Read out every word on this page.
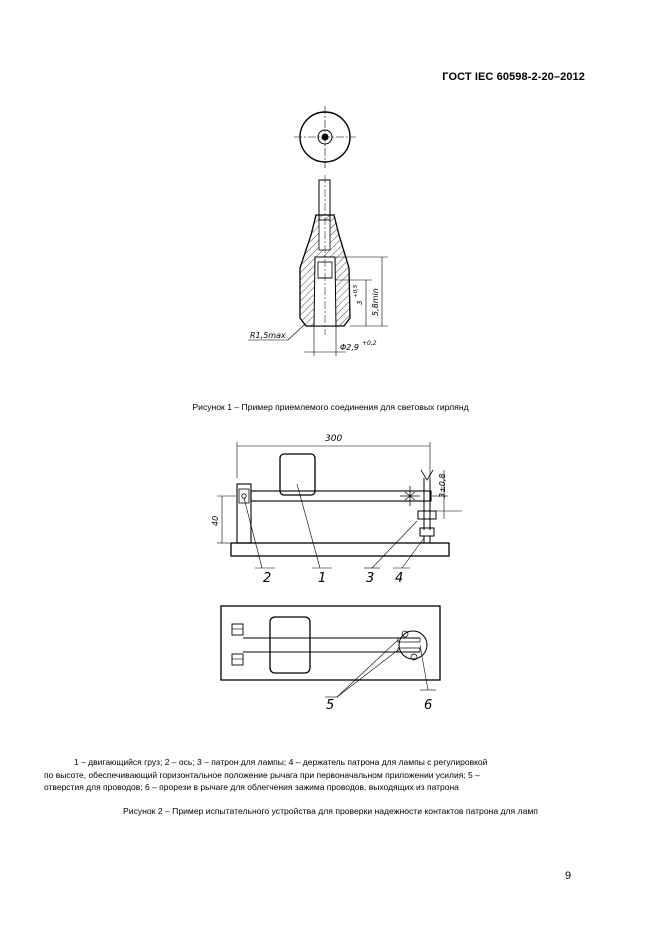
ГОСТ IEC 60598-2-20–2012
R1,5max
Φ2,9 +0,2
3
+0,5 5,8min
300
40
3±0,8
2	1	3 4
5	6
Рисунок 1 – Пример приемлемого соединения для световых гирлянд

1 – двигающийся груз; 2 – ось; 3 – патрон для лампы; 4 – держатель патрона для лампы с регулировкой

по высоте, обеспечивающий горизонтальное положение рычага при первоначальном приложении усилия; 5 –

отверстия для проводов; 6 – прорези в рычаге для облегчения зажима проводов, выходящих из патрона

Рисунок 2 – Пример испытательного устройства для проверки надежности контактов патрона для ламп
9
